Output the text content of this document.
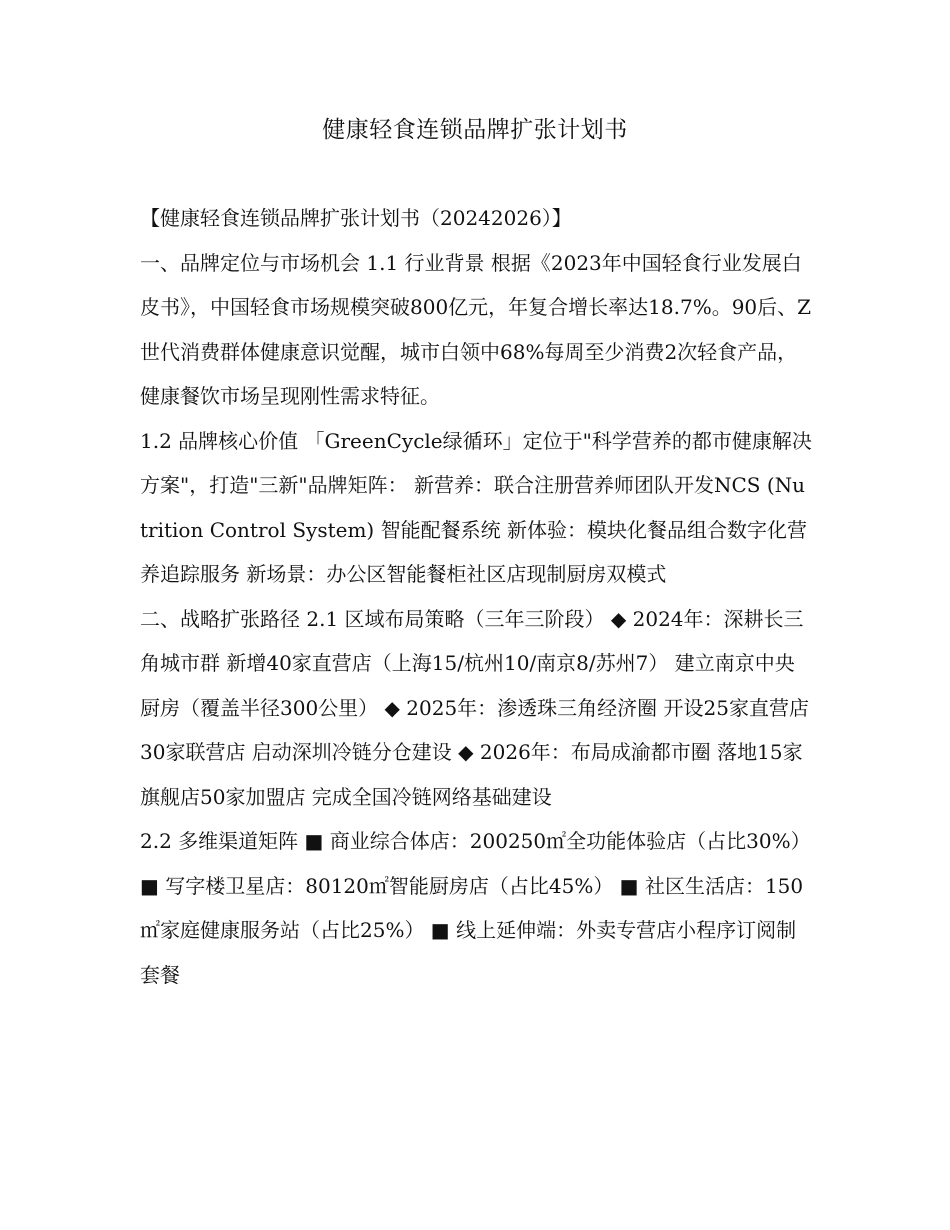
健康轻食连锁品牌扩张计划书

【健康轻食连锁品牌扩张计划书（20242026）】

一、品牌定位与市场机会 1.1 行业背景 根据《2023年中国轻食行业发展白皮书》，中国轻食市场规模突破800亿元，年复合增长率达18.7%。90后、Z世代消费群体健康意识觉醒，城市白领中68%每周至少消费2次轻食产品，健康餐饮市场呈现刚性需求特征。

1.2 品牌核心价值 「GreenCycle绿循环」定位于"科学营养的都市健康解决方案"，打造"三新"品牌矩阵： 新营养：联合注册营养师团队开发NCS (Nutrition Control System) 智能配餐系统 新体验：模块化餐品组合数字化营养追踪服务 新场景：办公区智能餐柜社区店现制厨房双模式

二、战略扩张路径 2.1 区域布局策略（三年三阶段） ◆ 2024年：深耕长三角城市群 新增40家直营店（上海15/杭州10/南京8/苏州7） 建立南京中央厨房（覆盖半径300公里） ◆ 2025年：渗透珠三角经济圈 开设25家直营店30家联营店 启动深圳冷链分仓建设 ◆ 2026年：布局成渝都市圈 落地15家旗舰店50家加盟店 完成全国冷链网络基础建设

2.2 多维渠道矩阵 ■ 商业综合体店：200250㎡全功能体验店（占比30%） ■ 写字楼卫星店：80120㎡智能厨房店（占比45%） ■ 社区生活店：150㎡家庭健康服务站（占比25%） ■ 线上延伸端：外卖专营店小程序订阅制套餐
